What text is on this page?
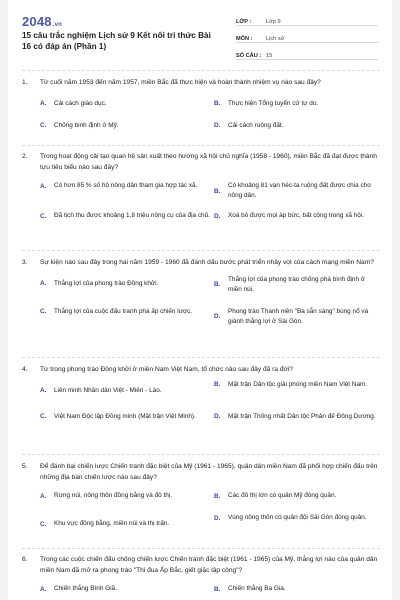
2048.vn
15 câu trắc nghiệm Lịch sử 9 Kết nối tri thức Bài 16 có đáp án (Phần 1)
LỚP :	Lớp 9
MÔN :	Lịch sử
SỐ CÂU : 15
1.	Từ cuối năm 1953 đến năm 1957, miền Bắc đã thực hiện và hoàn thành nhiệm vụ nào sau đây?
A.	Cải cách giáo dục.	B.	Thực hiện Tổng tuyển cử tự do.
C.	Chống binh định ở Mỹ.	D.	Cải cách ruộng đất.
2.	Trong hoạt động cải tạo quan hệ sản xuất theo hướng xã hội chủ nghĩa (1958 - 1960), miền Bắc đã đạt được thành tựu tiêu biểu nào sau đây?
A.	Có hơn 85 % số hộ nông dân tham gia hợp tác xã.
B.
Có khoảng 81 vạn héc-ta ruộng đất được chia cho nông dân.
C.	Đã tịch thu được khoảng 1,8 triệu nông cụ của địa chủ. D.	Xoá bỏ được mọi áp bức, bất công trong xã hội.
3.	Sự kiện nào sau đây trong hai năm 1959 - 1960 đã đánh dấu bước phát triển nhảy vọt của cách mạng miền Nam?
A.	Thắng lợi của phong trào Đồng khởi.	B.
Thắng lợi của phong trào chống phá bình định ở miền núi.
C.	Thắng lợi của cuộc đấu tranh phá ấp chiến lược.
D.
Phong trào Thanh niên "Ba sẵn sàng" bùng nổ và giành thắng lợi ở Sài Gòn.
4.	Từ trong phong trào Đồng khởi ở miền Nam Việt Nam, tổ chức nào sau đây đã ra đời?
A.	Liên minh Nhân dân Việt - Miên - Lào.
B.	Mặt trận Dân tộc giải phóng miền Nam Việt Nam.
C.	Việt Nam Độc lập Đồng minh (Mặt trận Việt Minh).	D.	Mặt trận Thống nhất Dân tộc Phản đế Đông Dương.
5.	Để đánh bại chiến lược Chiến tranh đặc biệt của Mỹ (1961 - 1965), quân dân miền Nam đã phối hợp chiến đấu trên những địa bàn chiến lược nào sau đây?
A.	Rừng núi, nông thôn đồng bằng và đô thị.	B.	Các đô thị lớn có quân Mỹ đóng quân.
C.	Khu vực đồng bằng, miền núi và thị trấn.
D.	Vùng nông thôn có quân đội Sài Gòn đóng quân.
6.	Trong các cuộc chiến đấu chống chiến lược Chiến tranh đặc biệt (1961 - 1965) của Mỹ, thắng lợi nào của quân dân miền Nam đã mở ra phong trào "Thi đua Ấp Bắc, giết giặc lập công"?
A.	Chiến thắng Bình Giã.	B.	Chiến thắng Ba Gia.
